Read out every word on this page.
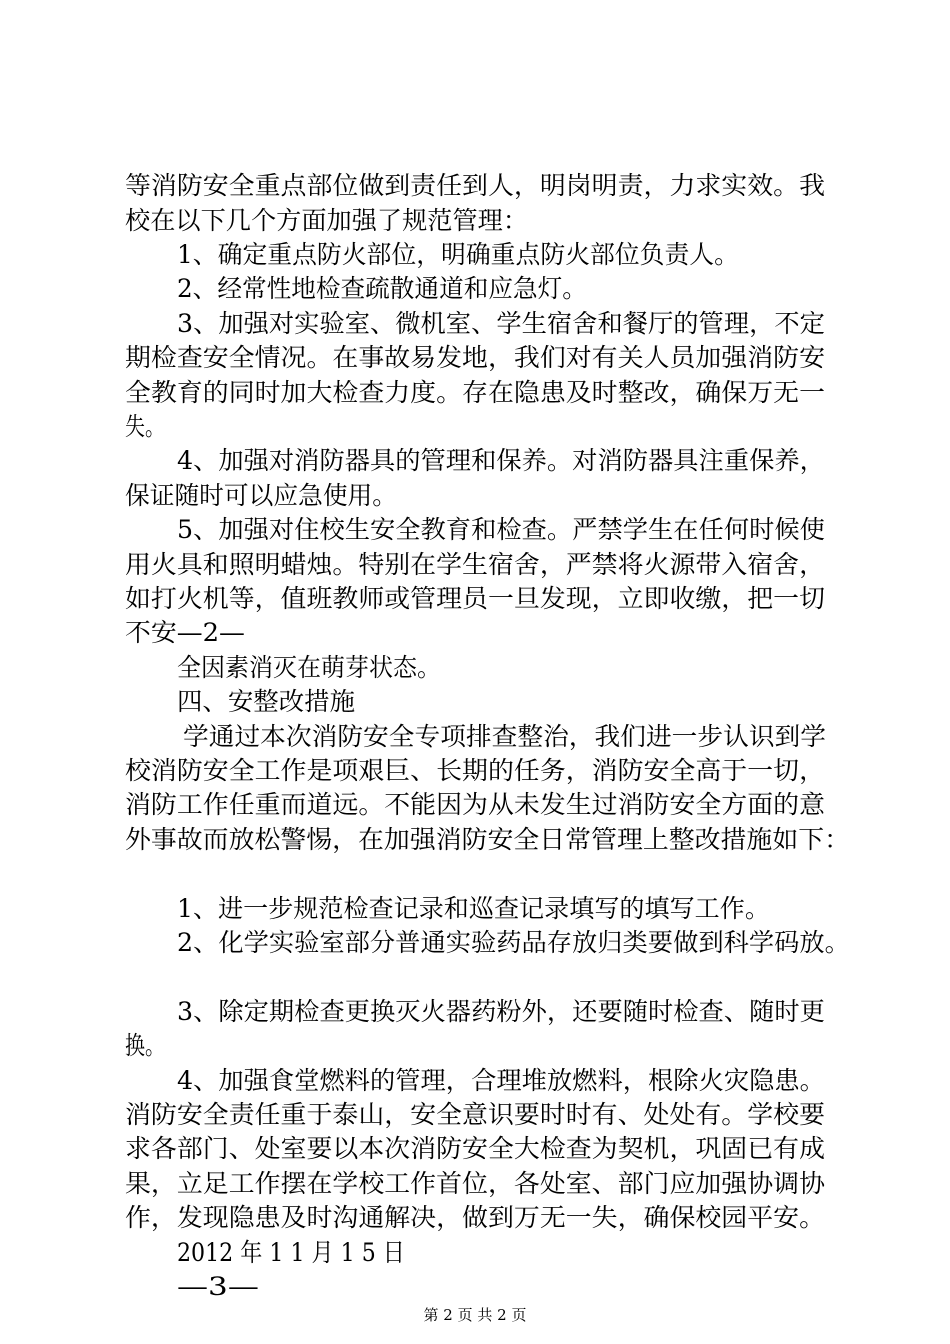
等消防安全重点部位做到责任到人，明岗明责，力求实效。我
校在以下几个方面加强了规范管理：
1、确定重点防火部位，明确重点防火部位负责人。
2、经常性地检查疏散通道和应急灯。
3、加强对实验室、微机室、学生宿舍和餐厅的管理，不定
期检查安全情况。在事故易发地，我们对有关人员加强消防安
全教育的同时加大检查力度。存在隐患及时整改，确保万无一
失。
4、加强对消防器具的管理和保养。对消防器具注重保养，
保证随时可以应急使用。
5、加强对住校生安全教育和检查。严禁学生在任何时候使
用火具和照明蜡烛。特别在学生宿舍，严禁将火源带入宿舍，
如打火机等，值班教师或管理员一旦发现，立即收缴，把一切
不安—2—
全因素消灭在萌芽状态。
四、安整改措施
学通过本次消防安全专项排查整治，我们进一步认识到学
校消防安全工作是项艰巨、长期的任务，消防安全高于一切，
消防工作任重而道远。不能因为从未发生过消防安全方面的意
外事故而放松警惕，在加强消防安全日常管理上整改措施如下：
1、进一步规范检查记录和巡查记录填写的填写工作。
2、化学实验室部分普通实验药品存放归类要做到科学码放。
3、除定期检查更换灭火器药粉外，还要随时检查、随时更
换。
4、加强食堂燃料的管理，合理堆放燃料，根除火灾隐患。
消防安全责任重于泰山，安全意识要时时有、处处有。学校要
求各部门、处室要以本次消防安全大检查为契机，巩固已有成
果，立足工作摆在学校工作首位，各处室、部门应加强协调协
作，发现隐患及时沟通解决，做到万无一失，确保校园平安。
2012 年 1 1 月 1 5 日
—3—
第 2 页 共 2 页
